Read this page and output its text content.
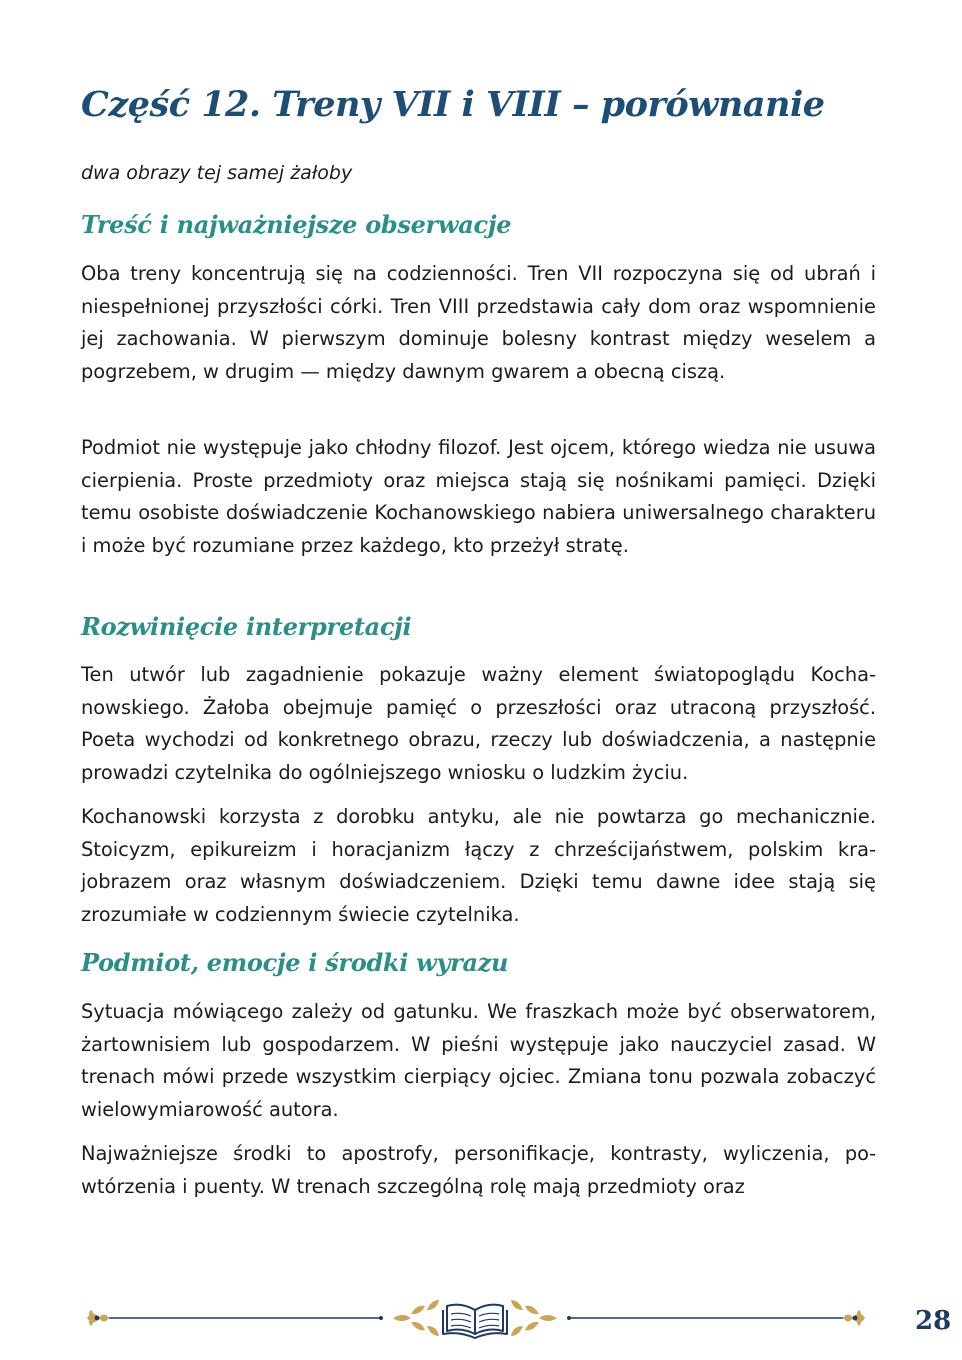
Część 12. Treny VII i VIII – porównanie

dwa obrazy tej samej żałoby

Treść i najważniejsze obserwacje

Oba treny koncentrują się na codzienności. Tren VII rozpoczyna się od ubrań i niespełnionej przyszłości córki. Tren VIII przedstawia cały dom oraz wspomnienie jej zachowania. W pierwszym dominuje bolesny kontrast między weselem a pogrzebem, w drugim — między dawnym gwarem a obecną ciszą.

Podmiot nie występuje jako chłodny filozof. Jest ojcem, którego wiedza nie usuwa cierpienia. Proste przedmioty oraz miejsca stają się nośnikami pamięci. Dzięki temu osobiste doświadczenie Kochanowskiego nabiera uniwersalnego charakteru i może być rozumiane przez każdego, kto przeżył stratę.

Rozwinięcie interpretacji

Ten utwór lub zagadnienie pokazuje ważny element światopoglądu Kochanowskiego. Żałoba obejmuje pamięć o przeszłości oraz utraconą przyszłość. Poeta wychodzi od konkretnego obrazu, rzeczy lub doświadczenia, a następnie prowadzi czytelnika do ogólniejszego wniosku o ludzkim życiu.

Kochanowski korzysta z dorobku antyku, ale nie powtarza go mechanicznie. Stoicyzm, epikureizm i horacjanizm łączy z chrześcijaństwem, polskim krajobrazem oraz własnym doświadczeniem. Dzięki temu dawne idee stają się zrozumiałe w codziennym świecie czytelnika.

Podmiot, emocje i środki wyrazu

Sytuacja mówiącego zależy od gatunku. We fraszkach może być obserwatorem, żartownisiem lub gospodarzem. W pieśni występuje jako nauczyciel zasad. W trenach mówi przede wszystkim cierpiący ojciec. Zmiana tonu pozwala zobaczyć wielowymiarowość autora.

Najważniejsze środki to apostrofy, personifikacje, kontrasty, wyliczenia, powtórzenia i puenty. W trenach szczególną rolę mają przedmioty oraz

28
